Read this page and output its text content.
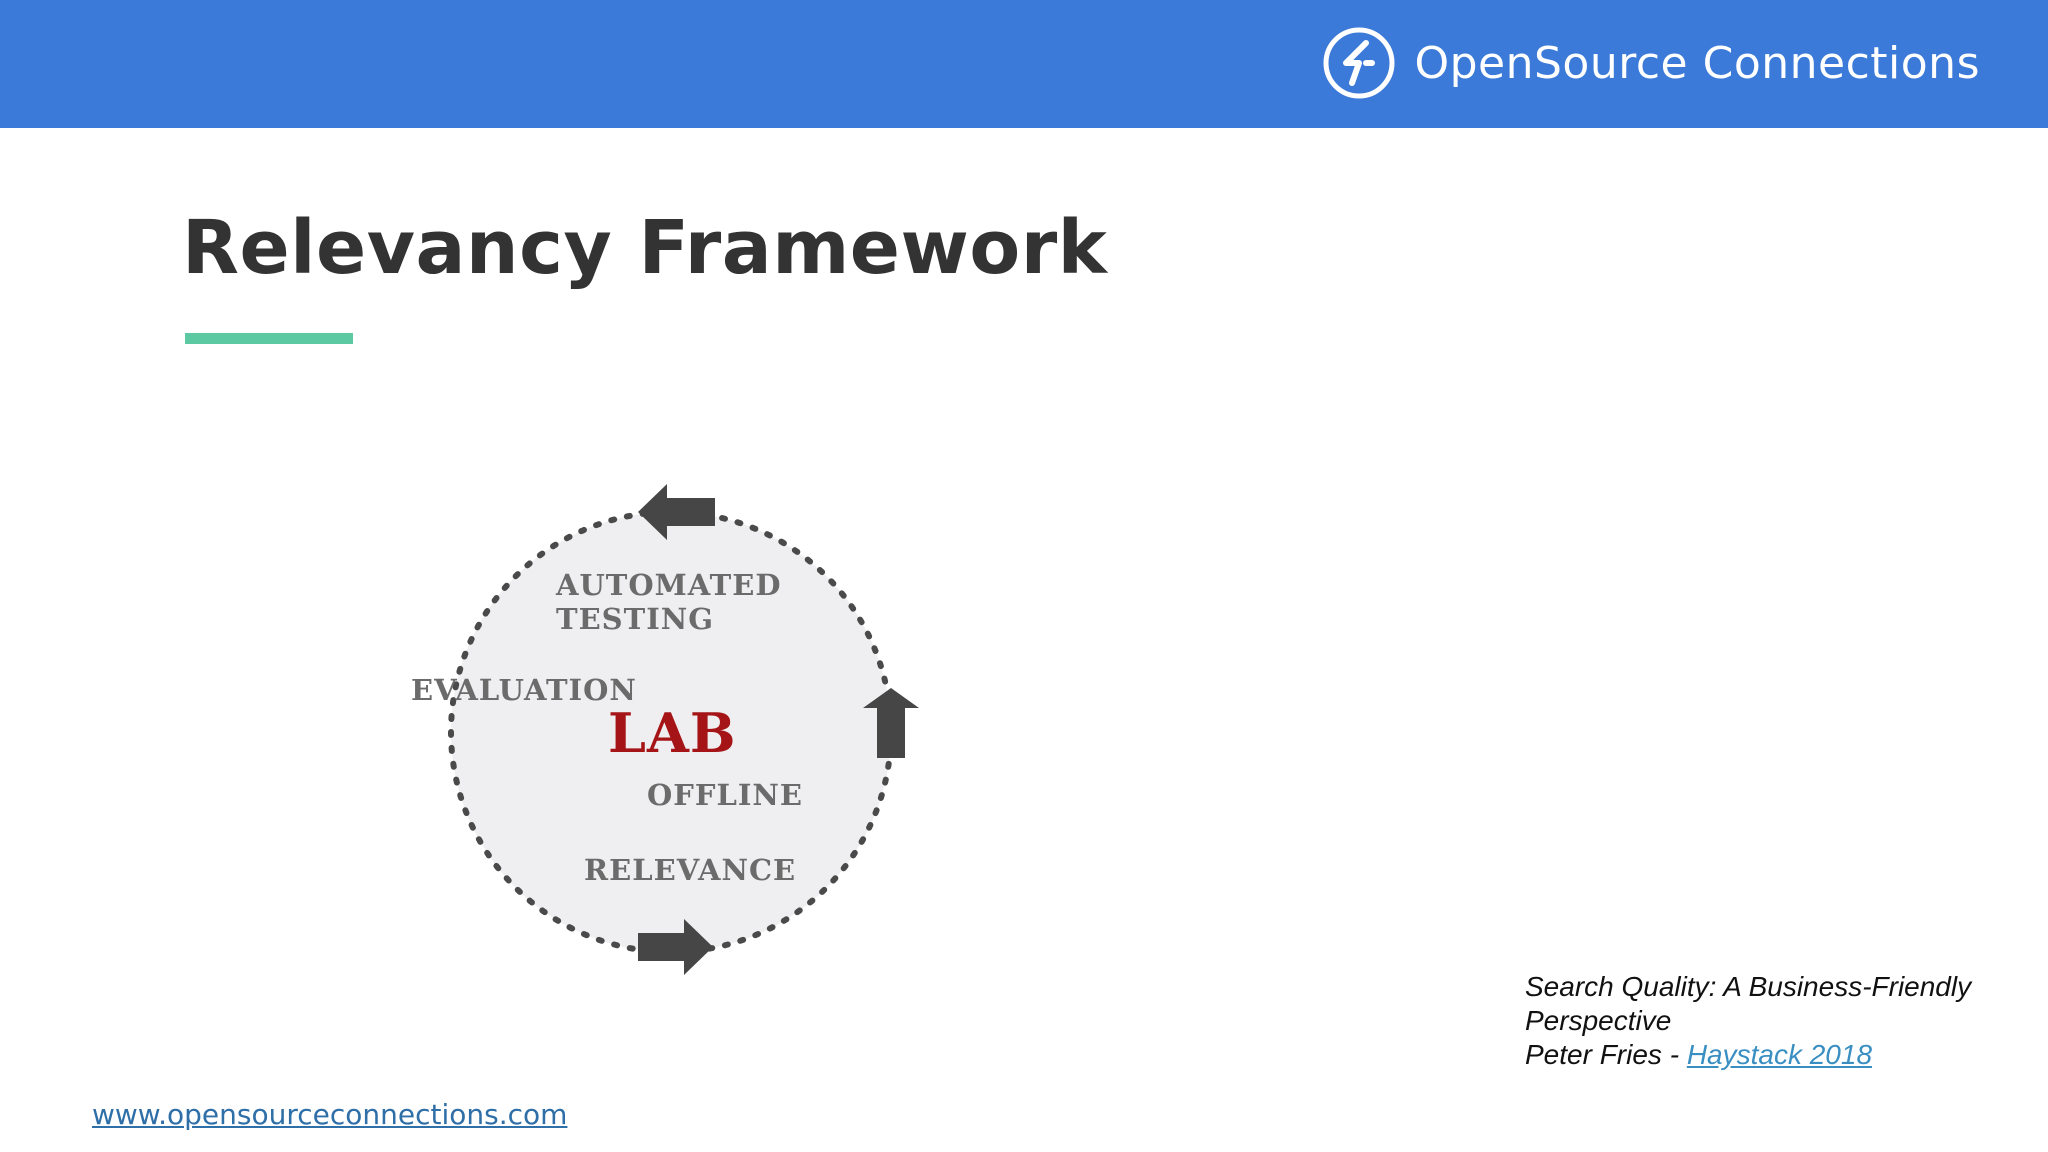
OpenSource Connections
Relevancy Framework
AUTOMATED
TESTING
EVALUATION
LAB
OFFLINE
RELEVANCE
Search Quality: A Business-Friendly
Perspective
Peter Fries - Haystack 2018
www.opensourceconnections.com
